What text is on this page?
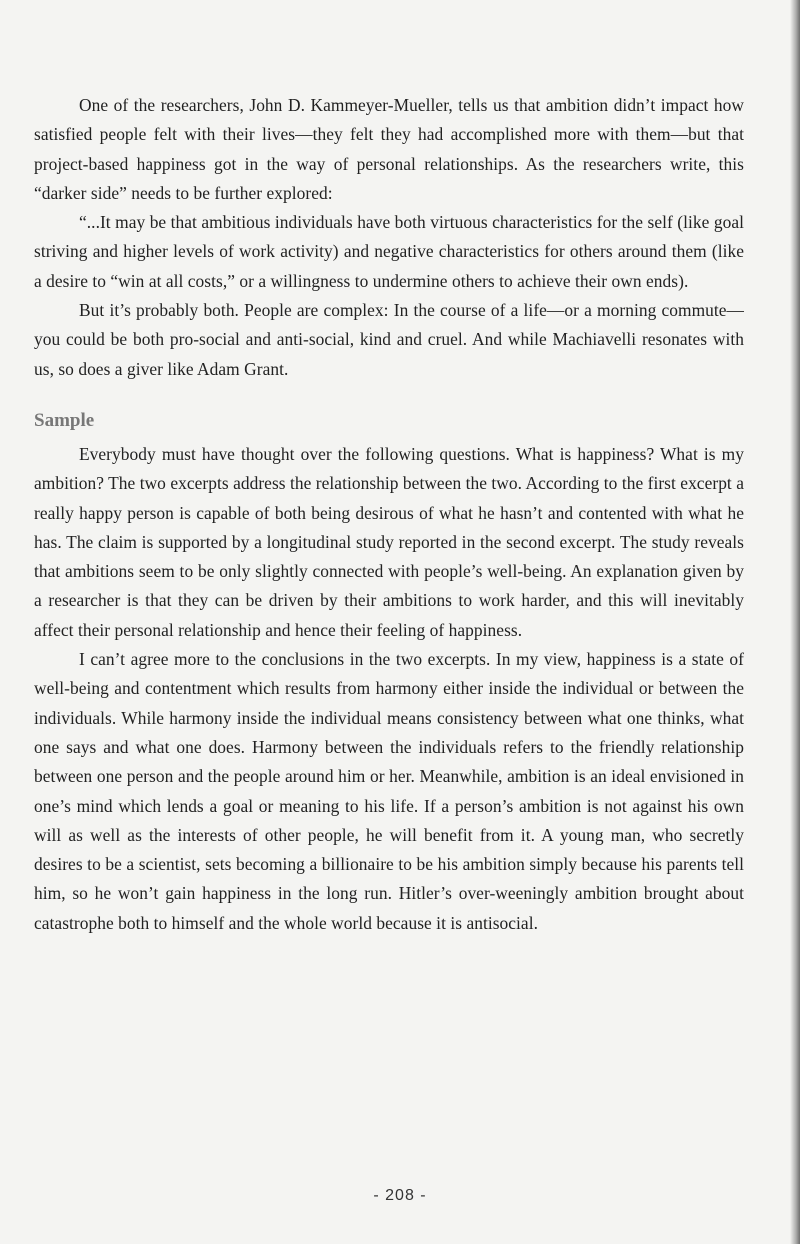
One of the researchers, John D. Kammeyer-Mueller, tells us that ambition didn’t impact how satisfied people felt with their lives—they felt they had accomplished more with them—but that project-based happiness got in the way of personal relationships. As the researchers write, this “darker side” needs to be further explored:

“...It may be that ambitious individuals have both virtuous characteristics for the self (like goal striving and higher levels of work activity) and negative characteristics for others around them (like a desire to “win at all costs,” or a willingness to undermine others to achieve their own ends).

But it’s probably both. People are complex: In the course of a life—or a morning commute—you could be both pro-social and anti-social, kind and cruel. And while Machiavelli resonates with us, so does a giver like Adam Grant.

Sample

Everybody must have thought over the following questions. What is happiness? What is my ambition? The two excerpts address the relationship between the two. According to the first excerpt a really happy person is capable of both being desirous of what he hasn’t and contented with what he has. The claim is supported by a longitudinal study reported in the second excerpt. The study reveals that ambitions seem to be only slightly connected with people’s well-being. An explanation given by a researcher is that they can be driven by their ambitions to work harder, and this will inevitably affect their personal relationship and hence their feeling of happiness.

I can’t agree more to the conclusions in the two excerpts. In my view, happiness is a state of well-being and contentment which results from harmony either inside the individual or between the individuals. While harmony inside the individual means consistency between what one thinks, what one says and what one does. Harmony between the individuals refers to the friendly relationship between one person and the people around him or her. Meanwhile, ambition is an ideal envisioned in one’s mind which lends a goal or meaning to his life. If a person’s ambition is not against his own will as well as the interests of other people, he will benefit from it. A young man, who secretly desires to be a scientist, sets becoming a billionaire to be his ambition simply because his parents tell him, so he won’t gain happiness in the long run. Hitler’s over-weeningly ambition brought about catastrophe both to himself and the whole world because it is antisocial.

- 208 -
